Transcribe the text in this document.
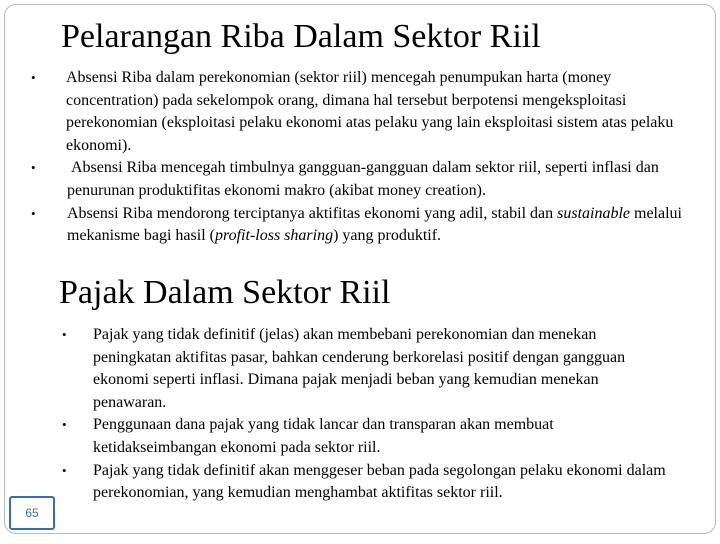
Pelarangan Riba Dalam Sektor Riil
•	Absensi Riba dalam perekonomian (sektor riil) mencegah penumpukan harta (money concentration) pada sekelompok orang, dimana hal tersebut berpotensi mengeksploitasi perekonomian (eksploitasi pelaku ekonomi atas pelaku yang lain eksploitasi sistem atas pelaku ekonomi).
•	Absensi Riba mencegah timbulnya gangguan-gangguan dalam sektor riil, seperti inflasi dan penurunan produktifitas ekonomi makro (akibat money creation).
•	Absensi Riba mendorong terciptanya aktifitas ekonomi yang adil, stabil dan sustainable melalui mekanisme bagi hasil (profit-loss sharing) yang produktif.
Pajak Dalam Sektor Riil
•	Pajak yang tidak definitif (jelas) akan membebani perekonomian dan menekan peningkatan aktifitas pasar, bahkan cenderung berkorelasi positif dengan gangguan ekonomi seperti inflasi. Dimana pajak menjadi beban yang kemudian menekan penawaran.
•	Penggunaan dana pajak yang tidak lancar dan transparan akan membuat ketidakseimbangan ekonomi pada sektor riil.
•	Pajak yang tidak definitif akan menggeser beban pada segolongan pelaku ekonomi dalam perekonomian, yang kemudian menghambat aktifitas sektor riil.
65
